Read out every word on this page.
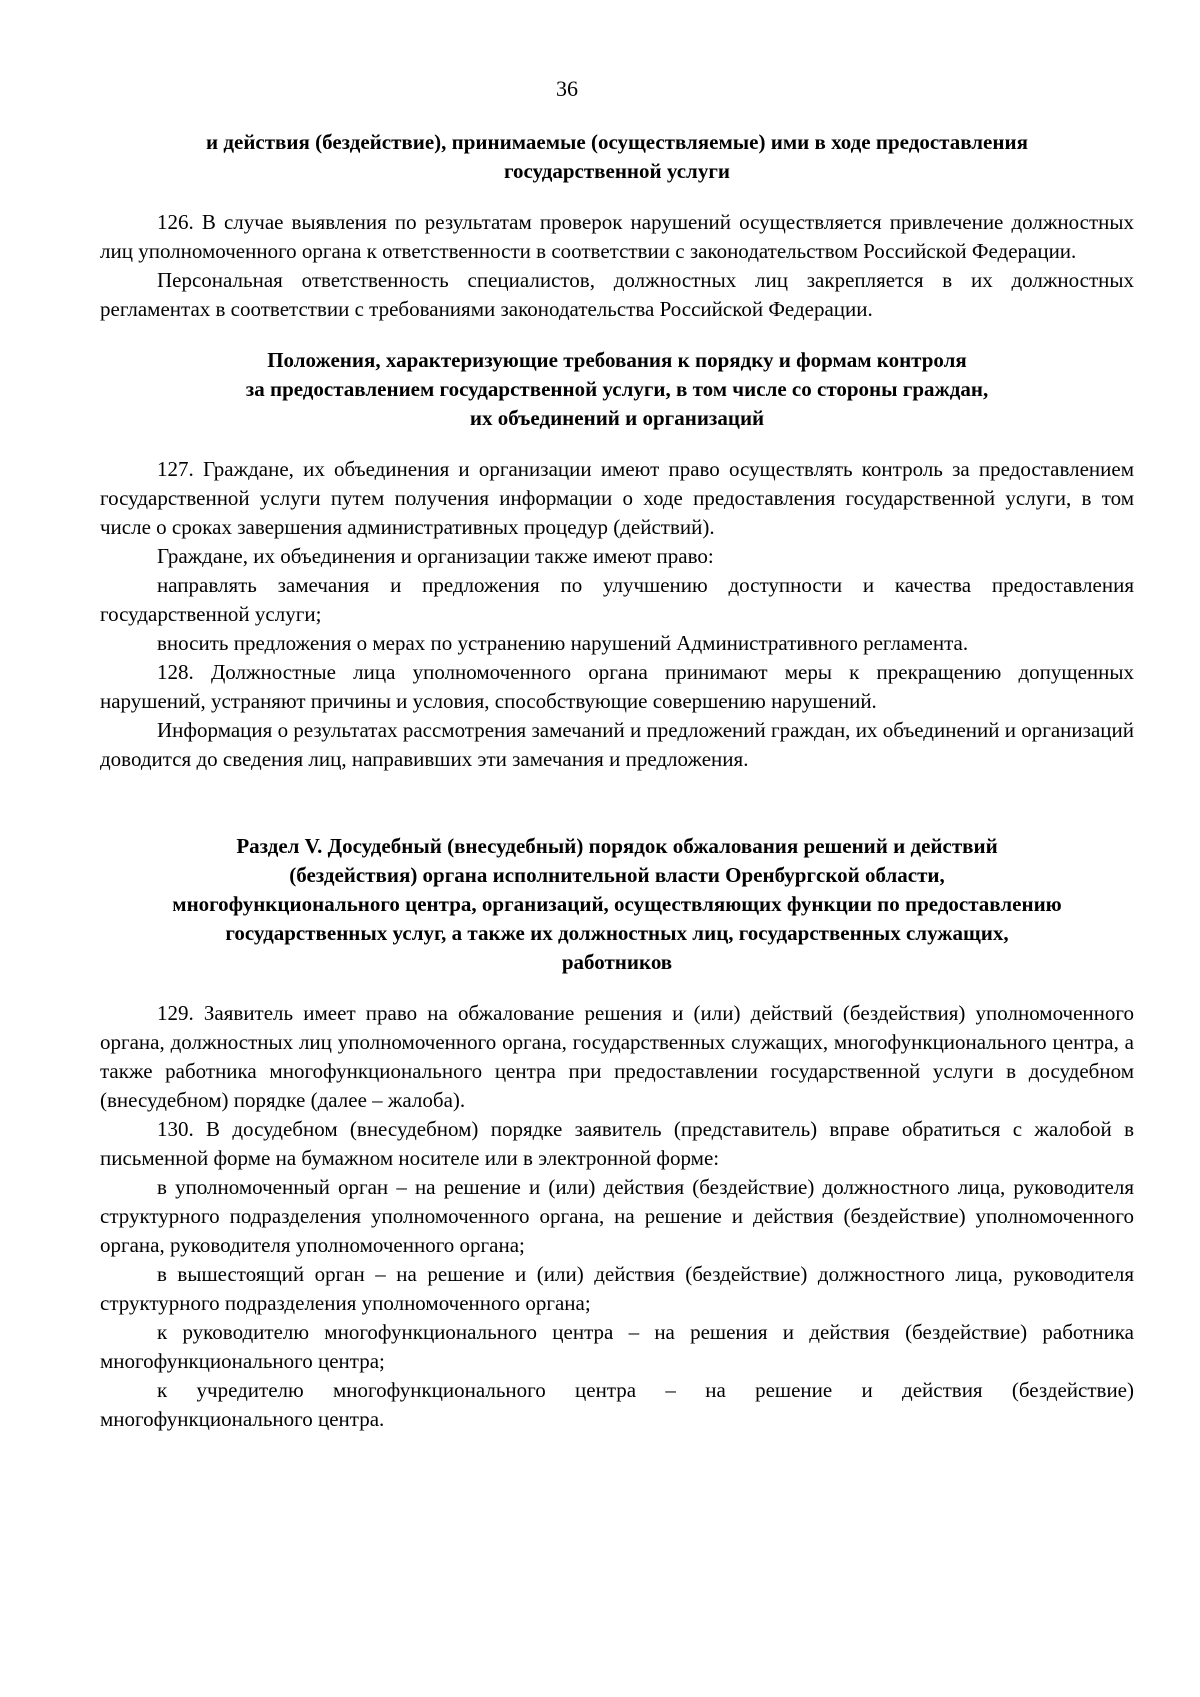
36
и действия (бездействие), принимаемые (осуществляемые) ими в ходе предоставления
государственной услуги

126. В случае выявления по результатам проверок нарушений осуществляется привлечение должностных лиц уполномоченного органа к ответственности в соответствии с законодательством Российской Федерации.

Персональная ответственность специалистов, должностных лиц закрепляется в их должностных регламентах в соответствии с требованиями законодательства Российской Федерации.

Положения, характеризующие требования к порядку и формам контроля
за предоставлением государственной услуги, в том числе со стороны граждан,
их объединений и организаций

127. Граждане, их объединения и организации имеют право осуществлять контроль за предоставлением государственной услуги путем получения информации о ходе предоставления государственной услуги, в том числе о сроках завершения административных процедур (действий).

Граждане, их объединения и организации также имеют право:

направлять замечания и предложения по улучшению доступности и качества предоставления государственной услуги;

вносить предложения о мерах по устранению нарушений Административного регламента.

128. Должностные лица уполномоченного органа принимают меры к прекращению допущенных нарушений, устраняют причины и условия, способствующие совершению нарушений.

Информация о результатах рассмотрения замечаний и предложений граждан, их объединений и организаций доводится до сведения лиц, направивших эти замечания и предложения.

Раздел V. Досудебный (внесудебный) порядок обжалования решений и действий
(бездействия) органа исполнительной власти Оренбургской области,
многофункционального центра, организаций, осуществляющих функции по предоставлению
государственных услуг, а также их должностных лиц, государственных служащих,
работников

129. Заявитель имеет право на обжалование решения и (или) действий (бездействия) уполномоченного органа, должностных лиц уполномоченного органа, государственных служащих, многофункционального центра, а также работника многофункционального центра при предоставлении государственной услуги в досудебном (внесудебном) порядке (далее – жалоба).

130. В досудебном (внесудебном) порядке заявитель (представитель) вправе обратиться с жалобой в письменной форме на бумажном носителе или в электронной форме:

в уполномоченный орган – на решение и (или) действия (бездействие) должностного лица, руководителя структурного подразделения уполномоченного органа, на решение и действия (бездействие) уполномоченного органа, руководителя уполномоченного органа;

в вышестоящий орган – на решение и (или) действия (бездействие) должностного лица, руководителя структурного подразделения уполномоченного органа;

к руководителю многофункционального центра – на решения и действия (бездействие) работника многофункционального центра;

к учредителю многофункционального центра – на решение и действия (бездействие) многофункционального центра.
